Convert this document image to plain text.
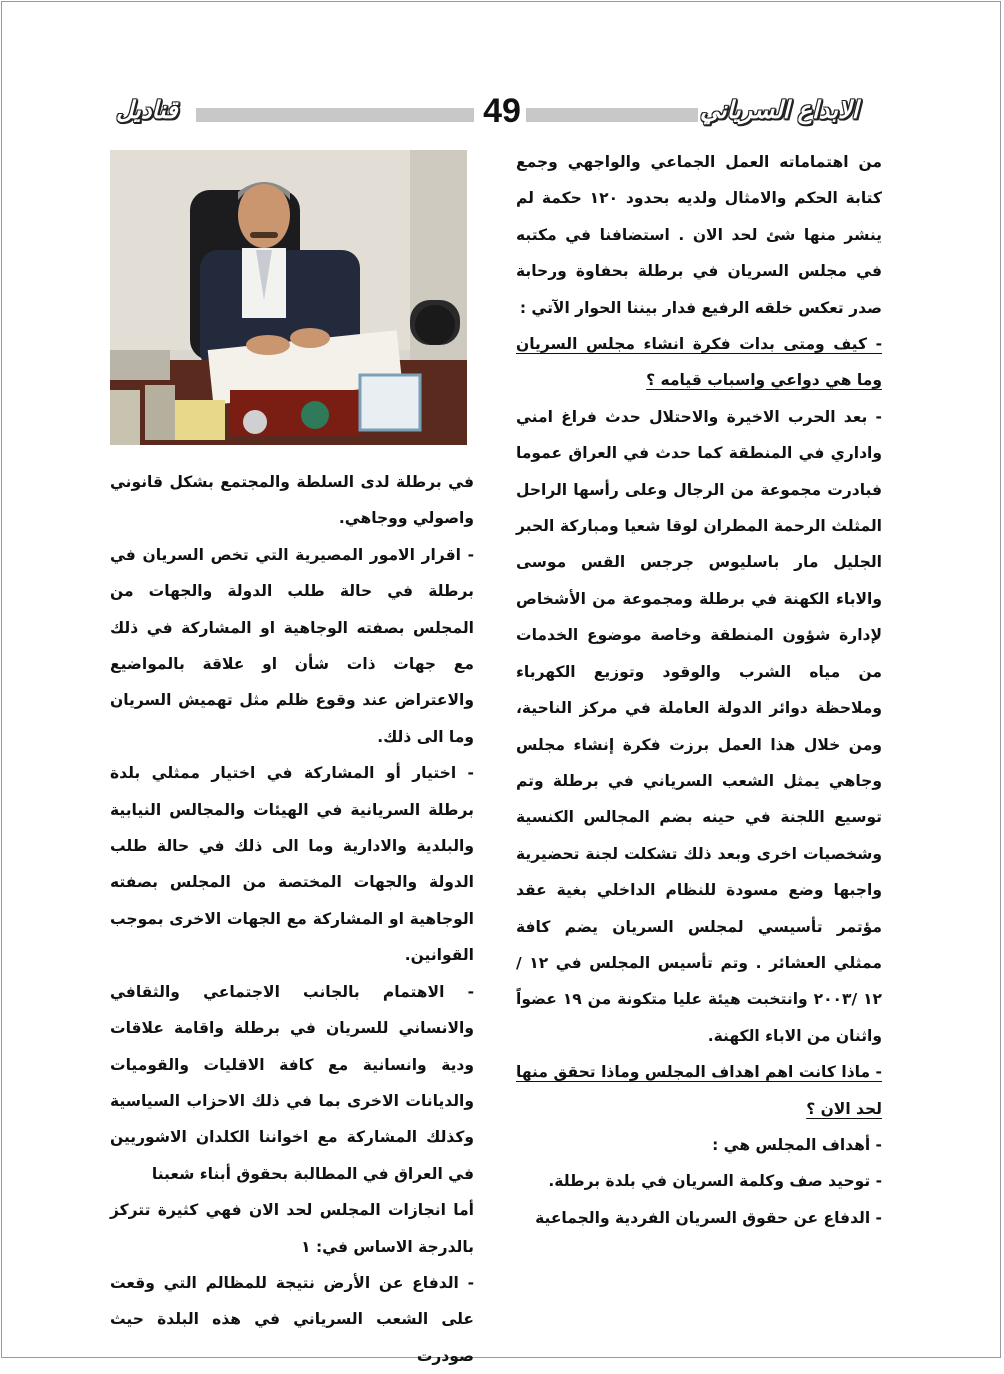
قناديل	49	الابداع السرياني

من اهتماماته العمل الجماعي والواجهي وجمع كتابة الحكم والامثال ولديه بحدود ١٢٠ حكمة لم ينشر منها شئ لحد الان . استضافنا في مكتبه في مجلس السريان في برطلة بحفاوة ورحابة صدر تعكس خلقه الرفيع فدار بيننا الحوار الآتي :

- كيف ومتى بدات فكرة انشاء مجلس السريان وما هي دواعي واسباب قيامه ؟

- بعد الحرب الاخيرة والاحتلال حدث فراغ امني واداري في المنطقة كما حدث في العراق عموما فبادرت مجموعة من الرجال وعلى رأسها الراحل المثلث الرحمة المطران لوقا شعيا ومباركة الحبر الجليل مار باسليوس جرجس القس موسى والاباء الكهنة في برطلة ومجموعة من الأشخاص لإدارة شؤون المنطقة وخاصة موضوع الخدمات من مياه الشرب والوقود وتوزيع الكهرباء وملاحظة دوائر الدولة العاملة في مركز الناحية، ومن خلال هذا العمل برزت فكرة إنشاء مجلس وجاهي يمثل الشعب السرياني في برطلة وتم توسيع اللجنة في حينه بضم المجالس الكنسية وشخصيات اخرى وبعد ذلك تشكلت لجنة تحضيرية واجبها وضع مسودة للنظام الداخلي بغية عقد مؤتمر تأسيسي لمجلس السريان يضم كافة ممثلي العشائر . وتم تأسيس المجلس في ١٢ /١٢ /٢٠٠٣ وانتخبت هيئة عليا متكونة من ١٩ عضواً واثنان من الاباء الكهنة.

- ماذا كانت اهم اهداف المجلس وماذا تحقق منها لحد الان ؟

- أهداف المجلس هي :

- توحيد صف وكلمة السريان في بلدة برطلة.

- الدفاع عن حقوق السريان الفردية والجماعية

في برطلة لدى السلطة والمجتمع بشكل قانوني واصولي ووجاهي.

- اقرار الامور المصيرية التي تخص السريان في برطلة في حالة طلب الدولة والجهات من المجلس بصفته الوجاهية او المشاركة في ذلك مع جهات ذات شأن او علاقة بالمواضيع والاعتراض عند وقوع ظلم مثل تهميش السريان وما الى ذلك.

- اختيار أو المشاركة في اختيار ممثلي بلدة برطلة السريانية في الهيئات والمجالس النيابية والبلدية والادارية وما الى ذلك في حالة طلب الدولة والجهات المختصة من المجلس بصفته الوجاهية او المشاركة مع الجهات الاخرى بموجب القوانين.

- الاهتمام بالجانب الاجتماعي والثقافي والانساني للسريان في برطلة واقامة علاقات ودية وانسانية مع كافة الاقليات والقوميات والديانات الاخرى بما في ذلك الاحزاب السياسية وكذلك المشاركة مع اخواننا الكلدان الاشوريين في العراق في المطالبة بحقوق أبناء شعبنا

أما انجازات المجلس لحد الان فهي كثيرة تتركز بالدرجة الاساس في: ١

- الدفاع عن الأرض نتيجة للمظالم التي وقعت على الشعب السرياني في هذه البلدة حيث صودرت
